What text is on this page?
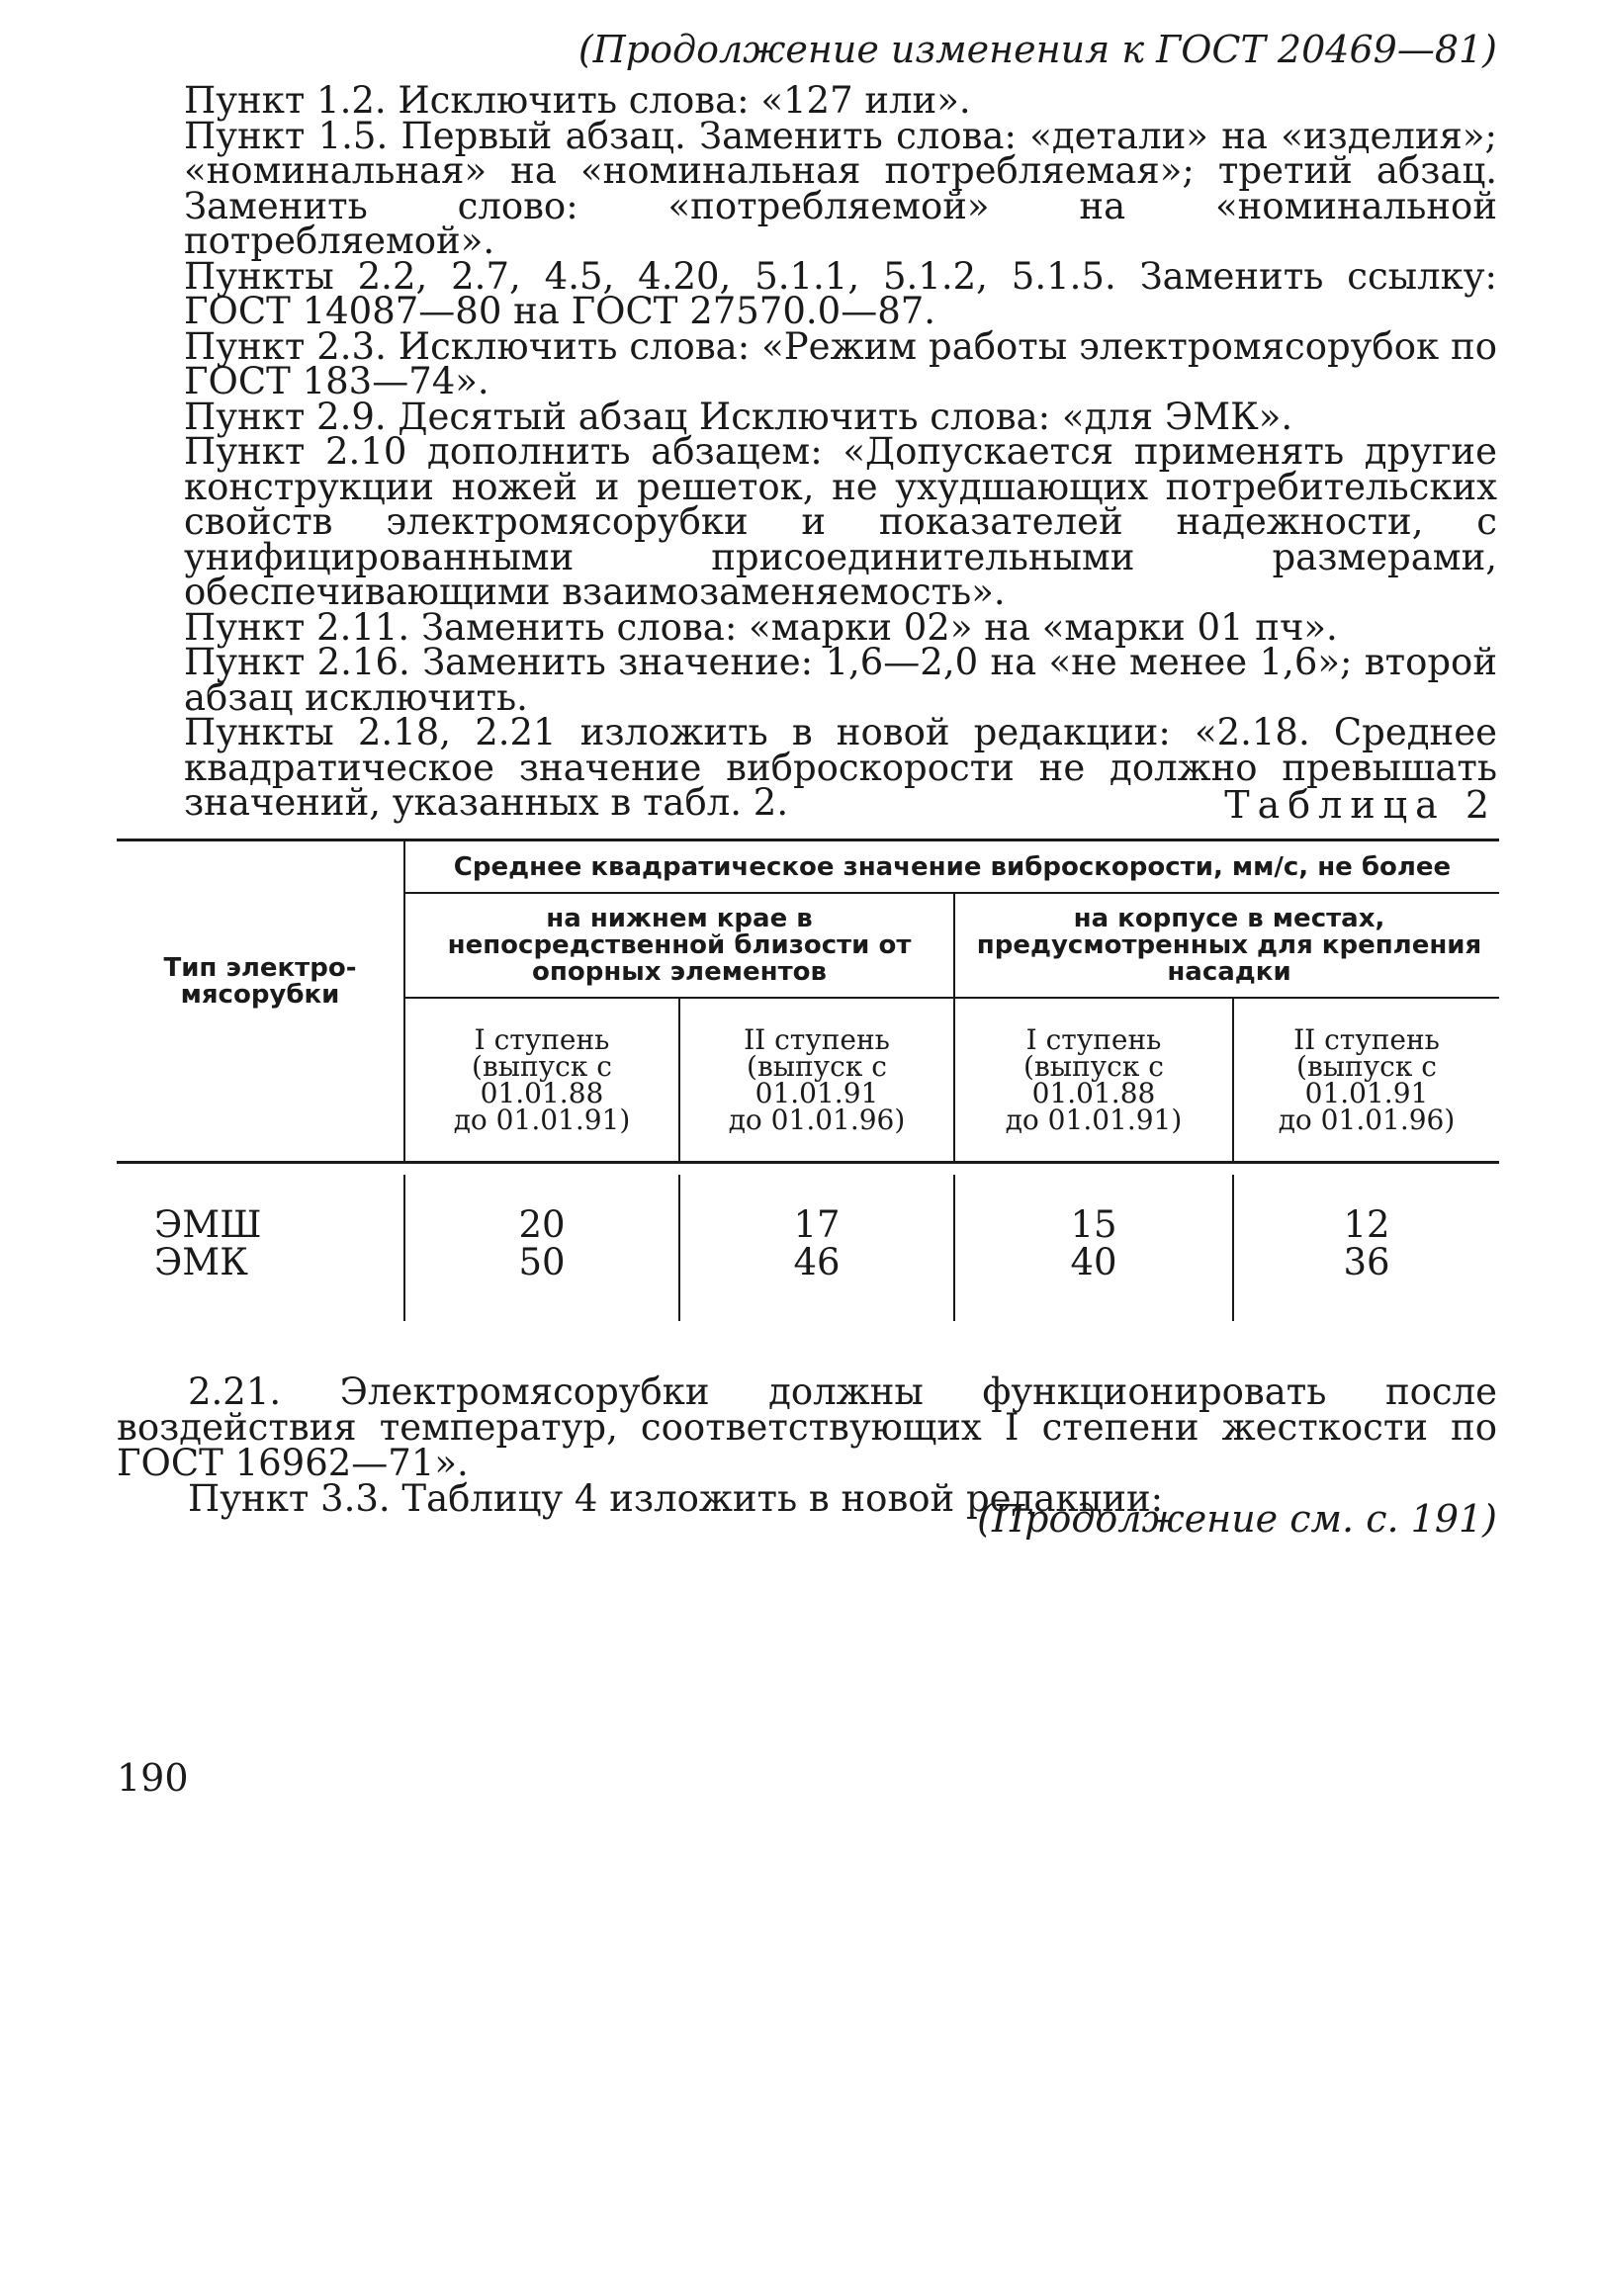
(Продолжение изменения к ГОСТ 20469—81)

Пункт 1.2. Исключить слова: «127 или».

Пункт 1.5. Первый абзац. Заменить слова: «детали» на «изделия»; «номинальная» на «номинальная потребляемая»; третий абзац. Заменить слово: «потребляемой» на «номинальной потребляемой».

Пункты 2.2, 2.7, 4.5, 4.20, 5.1.1, 5.1.2, 5.1.5. Заменить ссылку: ГОСТ 14087—80 на ГОСТ 27570.0—87.

Пункт 2.3. Исключить слова: «Режим работы электромясорубок по ГОСТ 183—74».

Пункт 2.9. Десятый абзац Исключить слова: «для ЭМК».

Пункт 2.10 дополнить абзацем: «Допускается применять другие конструкции ножей и решеток, не ухудшающих потребительских свойств электромясорубки и показателей надежности, с унифицированными присоединительными размерами, обеспечивающими взаимозаменяемость».

Пункт 2.11. Заменить слова: «марки 02» на «марки 01 пч».

Пункт 2.16. Заменить значение: 1,6—2,0 на «не менее 1,6»; второй абзац исключить.

Пункты 2.18, 2.21 изложить в новой редакции: «2.18. Среднее квадратическое значение виброскорости не должно превышать значений, указанных в табл. 2.	Таблица 2
Тип электро-мясорубки
Среднее квадратическое значение виброскорости, мм/с, не более
на нижнем крае в непосредственной близости от опорных элементов
на корпусе в местах, предусмотренных для крепления насадки
I ступень
(выпуск с
01.01.88
до 01.01.91)
II ступень
(выпуск с
01.01.91
до 01.01.96)
I ступень
(выпуск с
01.01.88
до 01.01.91)
II ступень
(выпуск с
01.01.91
до 01.01.96)
ЭМШ
ЭМК
20
50
17
46
15
40
12
36

2.21. Электромясорубки должны функционировать после воздействия температур, соответствующих I степени жесткости по ГОСТ 16962—71».

Пункт 3.3. Таблицу 4 изложить в новой редакции:

(Продолжение см. с. 191)
190
